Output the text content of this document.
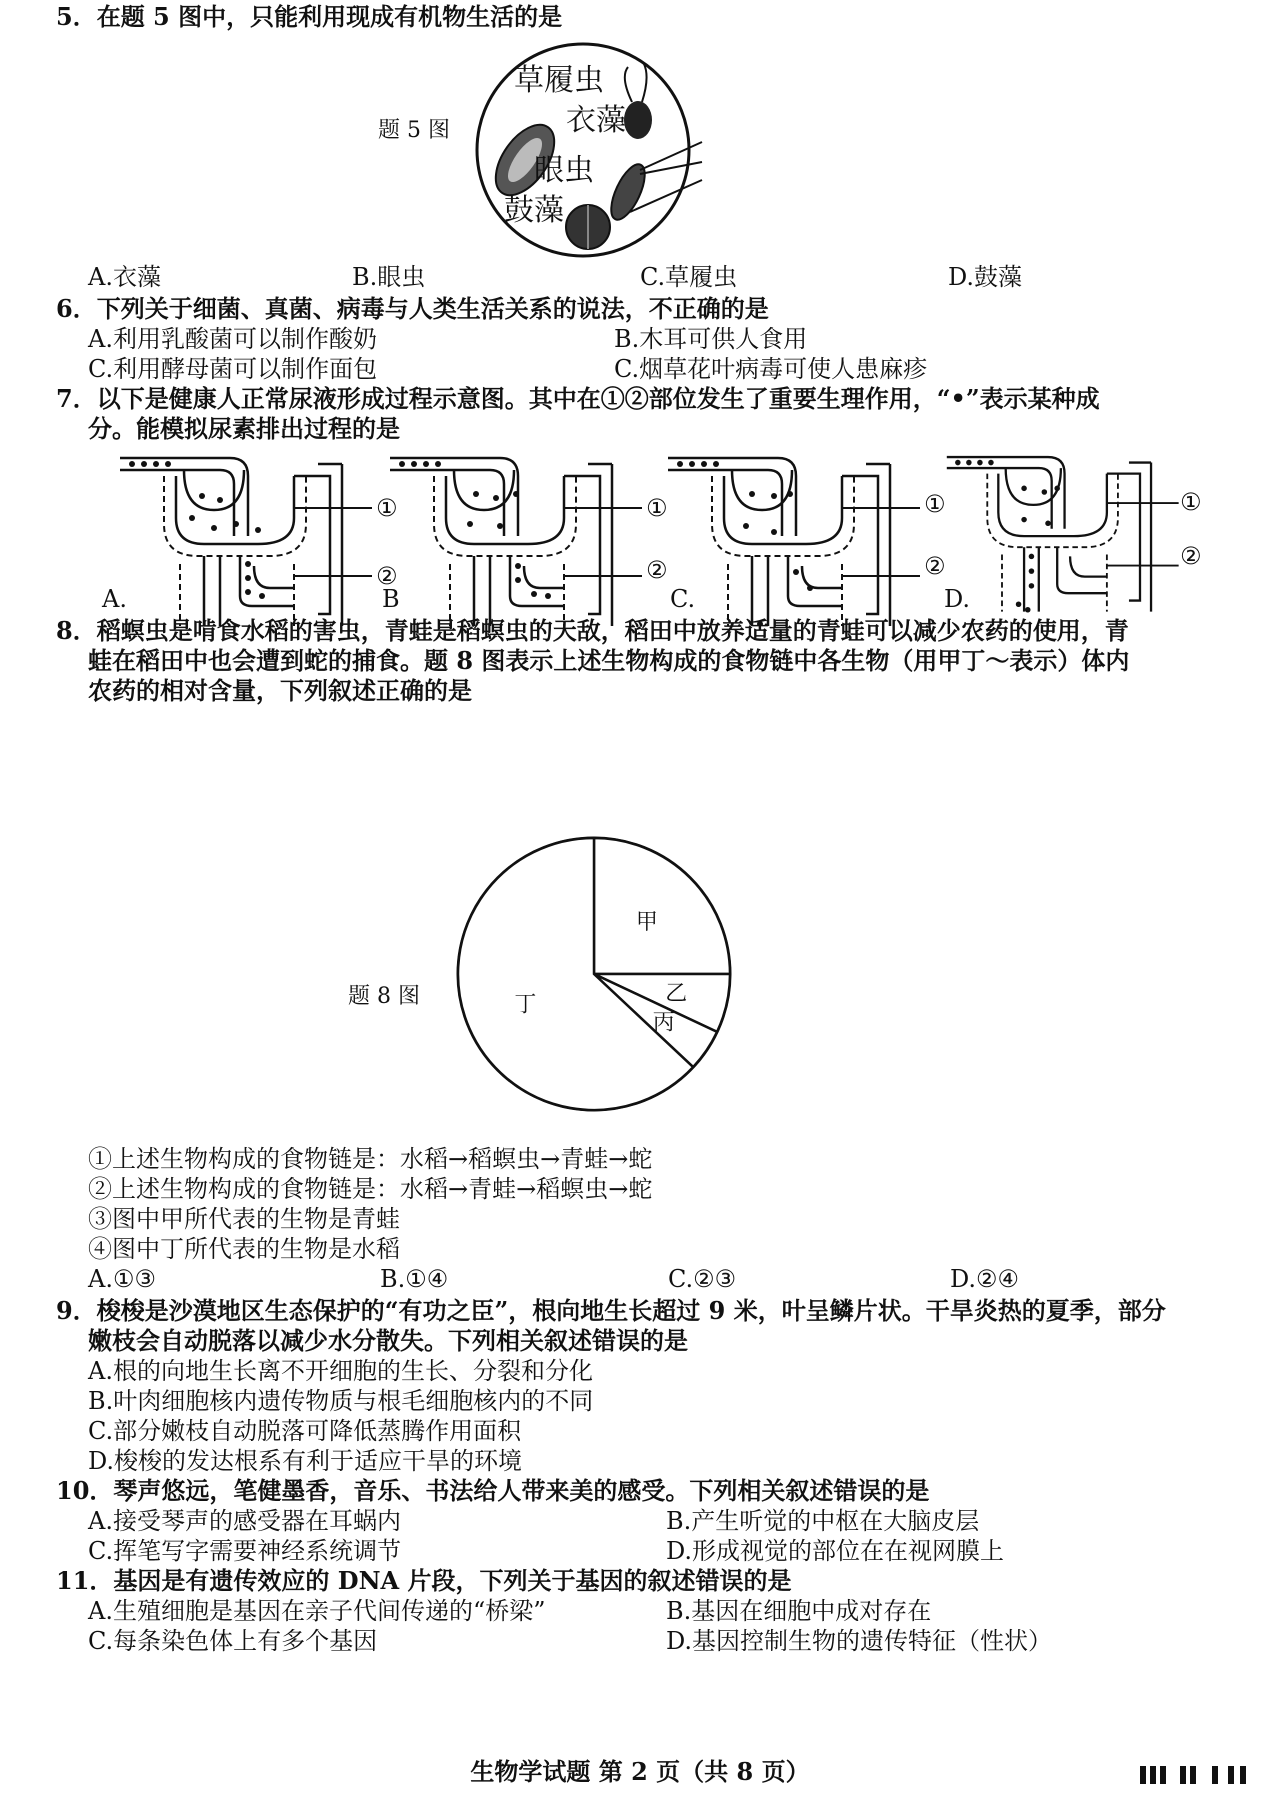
5．在题 5 图中，只能利用现成有机物生活的是
题 5 图
草履虫
衣藻
眼虫
鼓藻
A.衣藻	B.眼虫	C.草履虫	D.鼓藻
6．下列关于细菌、真菌、病毒与人类生活关系的说法，不正确的是
A.利用乳酸菌可以制作酸奶	B.木耳可供人食用
C.利用酵母菌可以制作面包	C.烟草花叶病毒可使人患麻疹
7．以下是健康人正常尿液形成过程示意图。其中在①②部位发生了重要生理作用，“•”表示某种成
分。能模拟尿素排出过程的是
①
②
①
②
①
②
①
②
A.	B	C.	D.
8．稻螟虫是啃食水稻的害虫，青蛙是稻螟虫的天敌，稻田中放养适量的青蛙可以减少农药的使用，青
蛙在稻田中也会遭到蛇的捕食。题 8 图表示上述生物构成的食物链中各生物（用甲丁～表示）体内
农药的相对含量，下列叙述正确的是
题 8 图
甲
乙
丙
丁
①上述生物构成的食物链是：水稻→稻螟虫→青蛙→蛇
②上述生物构成的食物链是：水稻→青蛙→稻螟虫→蛇
③图中甲所代表的生物是青蛙
④图中丁所代表的生物是水稻
A.①③	B.①④	C.②③	D.②④
9．梭梭是沙漠地区生态保护的“有功之臣”，根向地生长超过 9 米，叶呈鳞片状。干旱炎热的夏季，部分
嫩枝会自动脱落以减少水分散失。下列相关叙述错误的是
A.根的向地生长离不开细胞的生长、分裂和分化
B.叶肉细胞核内遗传物质与根毛细胞核内的不同
C.部分嫩枝自动脱落可降低蒸腾作用面积
D.梭梭的发达根系有利于适应干旱的环境
10．琴声悠远，笔健墨香，音乐、书法给人带来美的感受。下列相关叙述错误的是
A.接受琴声的感受器在耳蜗内	B.产生听觉的中枢在大脑皮层
C.挥笔写字需要神经系统调节	D.形成视觉的部位在在视网膜上
11．基因是有遗传效应的 DNA 片段，下列关于基因的叙述错误的是
A.生殖细胞是基因在亲子代间传递的“桥梁”	B.基因在细胞中成对存在
C.每条染色体上有多个基因	D.基因控制生物的遗传特征（性状）
生物学试题 第 2 页（共 8 页）
